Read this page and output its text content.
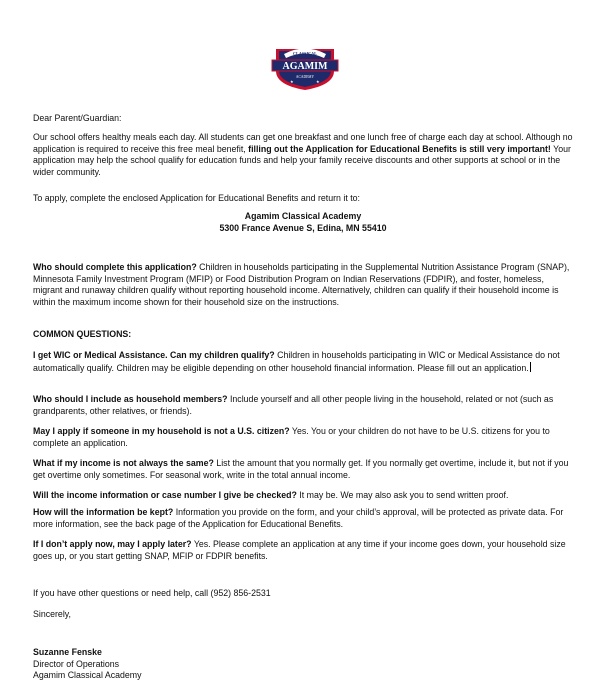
CLASSICAL
AGAMIM
ACADEMY
★	★

Dear Parent/Guardian:

Our school offers healthy meals each day. All students can get one breakfast and one lunch free of charge each day at school. Although no application is required to receive this free meal benefit, filling out the Application for Educational Benefits is still very important! Your application may help the school qualify for education funds and help your family receive discounts and other supports at school or in the wider community.

To apply, complete the enclosed Application for Educational Benefits and return it to:

Agamim Classical Academy
5300 France Avenue S, Edina, MN 55410

Who should complete this application? Children in households participating in the Supplemental Nutrition Assistance Program (SNAP), Minnesota Family Investment Program (MFIP) or Food Distribution Program on Indian Reservations (FDPIR), and foster, homeless, migrant and runaway children qualify without reporting household income. Alternatively, children can qualify if their household income is within the maximum income shown for their household size on the instructions.

COMMON QUESTIONS:

I get WIC or Medical Assistance. Can my children qualify? Children in households participating in WIC or Medical Assistance do not automatically qualify. Children may be eligible depending on other household financial information. Please fill out an application.

Who should I include as household members? Include yourself and all other people living in the household, related or not (such as grandparents, other relatives, or friends).

May I apply if someone in my household is not a U.S. citizen? Yes. You or your children do not have to be U.S. citizens for you to complete an application.

What if my income is not always the same? List the amount that you normally get. If you normally get overtime, include it, but not if you get overtime only sometimes. For seasonal work, write in the total annual income.

Will the income information or case number I give be checked? It may be. We may also ask you to send written proof.

How will the information be kept? Information you provide on the form, and your child’s approval, will be protected as private data. For more information, see the back page of the Application for Educational Benefits.

If I don’t apply now, may I apply later? Yes. Please complete an application at any time if your income goes down, your household size goes up, or you start getting SNAP, MFIP or FDPIR benefits.

If you have other questions or need help, call (952) 856-2531

Sincerely,

Suzanne Fenske
Director of Operations
Agamim Classical Academy
